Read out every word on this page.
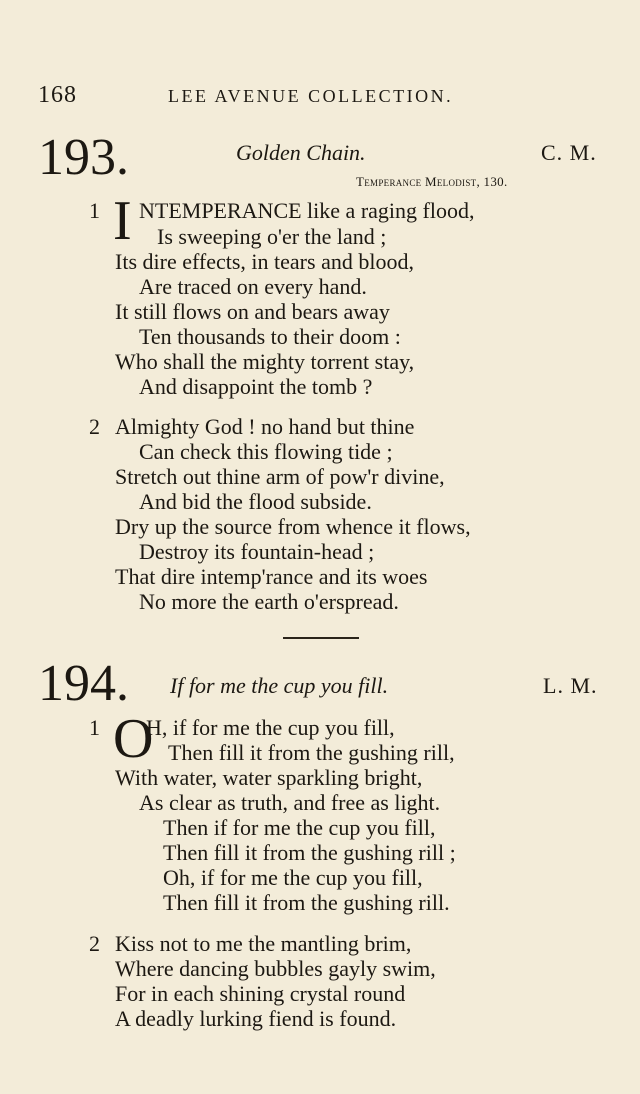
168	LEE AVENUE COLLECTION.
193.	Golden Chain.	C. M.
Temperance Melodist, 130.
1 I NTEMPERANCE like a raging flood,
Is sweeping o'er the land ;
Its dire effects, in tears and blood,
Are traced on every hand.
It still flows on and bears away
Ten thousands to their doom :
Who shall the mighty torrent stay,
And disappoint the tomb ?
2 Almighty God ! no hand but thine
Can check this flowing tide ;
Stretch out thine arm of pow'r divine,
And bid the flood subside.
Dry up the source from whence it flows,
Destroy its fountain-head ;
That dire intemp'rance and its woes
No more the earth o'erspread.
194. If for me the cup you fill.	L. M.
1 O
H, if for me the cup you fill,
Then fill it from the gushing rill,
With water, water sparkling bright,
As clear as truth, and free as light.
Then if for me the cup you fill,
Then fill it from the gushing rill ;
Oh, if for me the cup you fill,
Then fill it from the gushing rill.
2 Kiss not to me the mantling brim,
Where dancing bubbles gayly swim,
For in each shining crystal round
A deadly lurking fiend is found.
